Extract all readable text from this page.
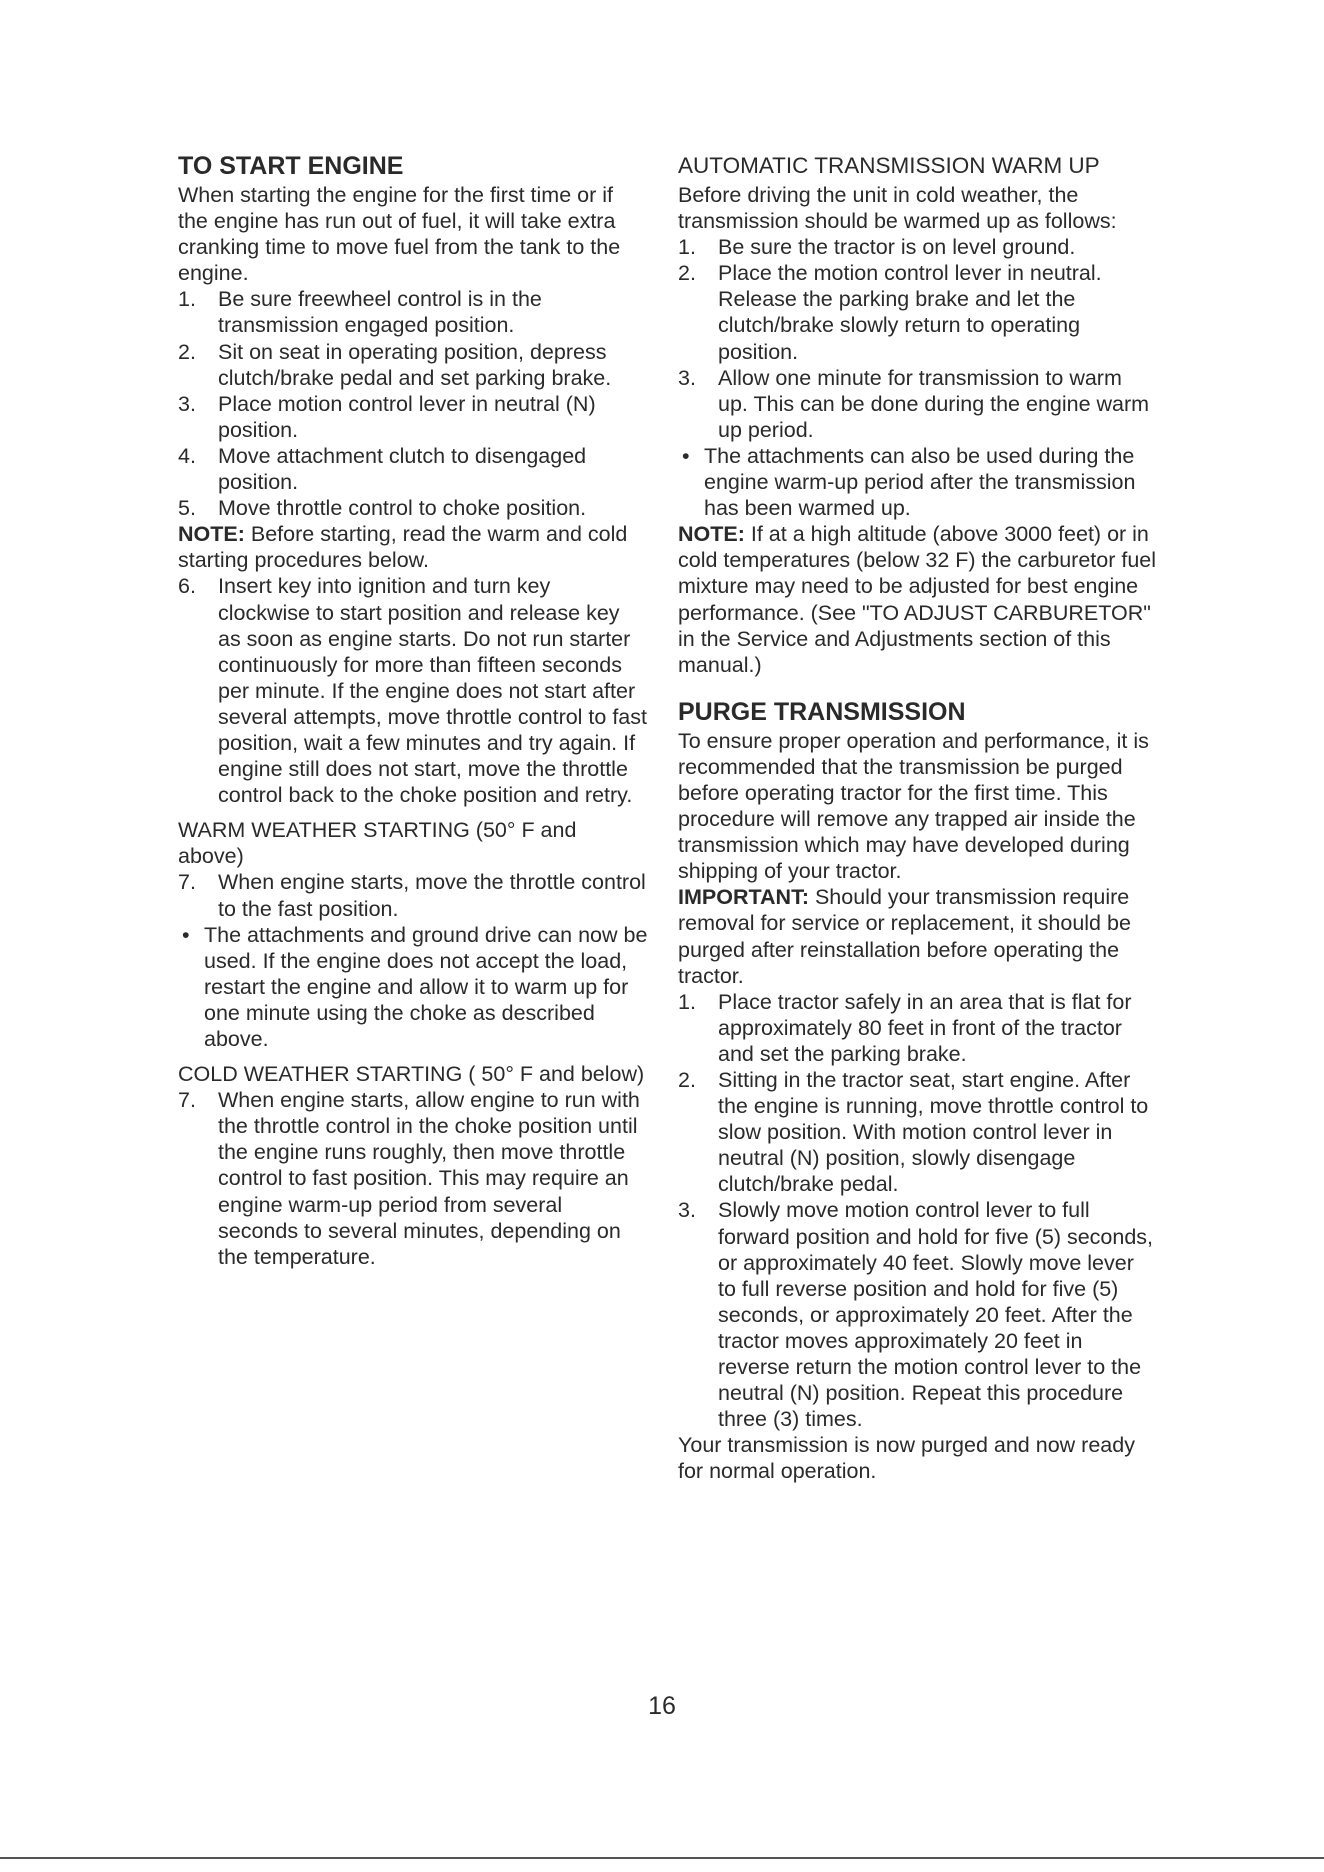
TO START ENGINE

When starting the engine for the first time or if the engine has run out of fuel, it will take extra cranking time to move fuel from the tank to the engine.

1. Be sure freewheel control is in the transmission engaged position.
2. Sit on seat in operating position, depress clutch/brake pedal and set parking brake.
3. Place motion control lever in neutral (N) position.
4. Move attachment clutch to disengaged position.
5. Move throttle control to choke position.

NOTE: Before starting, read the warm and cold starting procedures below.

6. Insert key into ignition and turn key clockwise to start position and release key as soon as engine starts. Do not run starter continuously for more than fifteen seconds per minute. If the engine does not start after several attempts, move throttle control to fast position, wait a few minutes and try again. If engine still does not start, move the throttle control back to the choke position and retry.

WARM WEATHER STARTING (50° F and above)

7. When engine starts, move the throttle control to the fast position.
• The attachments and ground drive can now be used. If the engine does not accept the load, restart the engine and allow it to warm up for one minute using the choke as described above.

COLD WEATHER STARTING ( 50° F and below)

7. When engine starts, allow engine to run with the throttle control in the choke position until the engine runs roughly, then move throttle control to fast position. This may require an engine warm-up period from several seconds to several minutes, depending on the temperature.

AUTOMATIC TRANSMISSION WARM UP

Before driving the unit in cold weather, the transmission should be warmed up as follows:

1. Be sure the tractor is on level ground.
2. Place the motion control lever in neutral. Release the parking brake and let the clutch/brake slowly return to operating position.
3. Allow one minute for transmission to warm up. This can be done during the engine warm up period.
• The attachments can also be used during the engine warm-up period after the transmission has been warmed up.

NOTE: If at a high altitude (above 3000 feet) or in cold temperatures (below 32 F) the carburetor fuel mixture may need to be adjusted for best engine performance. (See "TO ADJUST CARBURETOR" in the Service and Adjustments section of this manual.)

PURGE TRANSMISSION

To ensure proper operation and performance, it is recommended that the transmission be purged before operating tractor for the first time. This procedure will remove any trapped air inside the transmission which may have developed during shipping of your tractor.

IMPORTANT: Should your transmission require removal for service or replacement, it should be purged after reinstallation before operating the tractor.

1. Place tractor safely in an area that is flat for approximately 80 feet in front of the tractor and set the parking brake.
2. Sitting in the tractor seat, start engine. After the engine is running, move throttle control to slow position. With motion control lever in neutral (N) position, slowly disengage clutch/brake pedal.
3. Slowly move motion control lever to full forward position and hold for five (5) seconds, or approximately 40 feet. Slowly move lever to full reverse position and hold for five (5) seconds, or approximately 20 feet. After the tractor moves approximately 20 feet in reverse return the motion control lever to the neutral (N) position. Repeat this procedure three (3) times.

Your transmission is now purged and now ready for normal operation.

16
